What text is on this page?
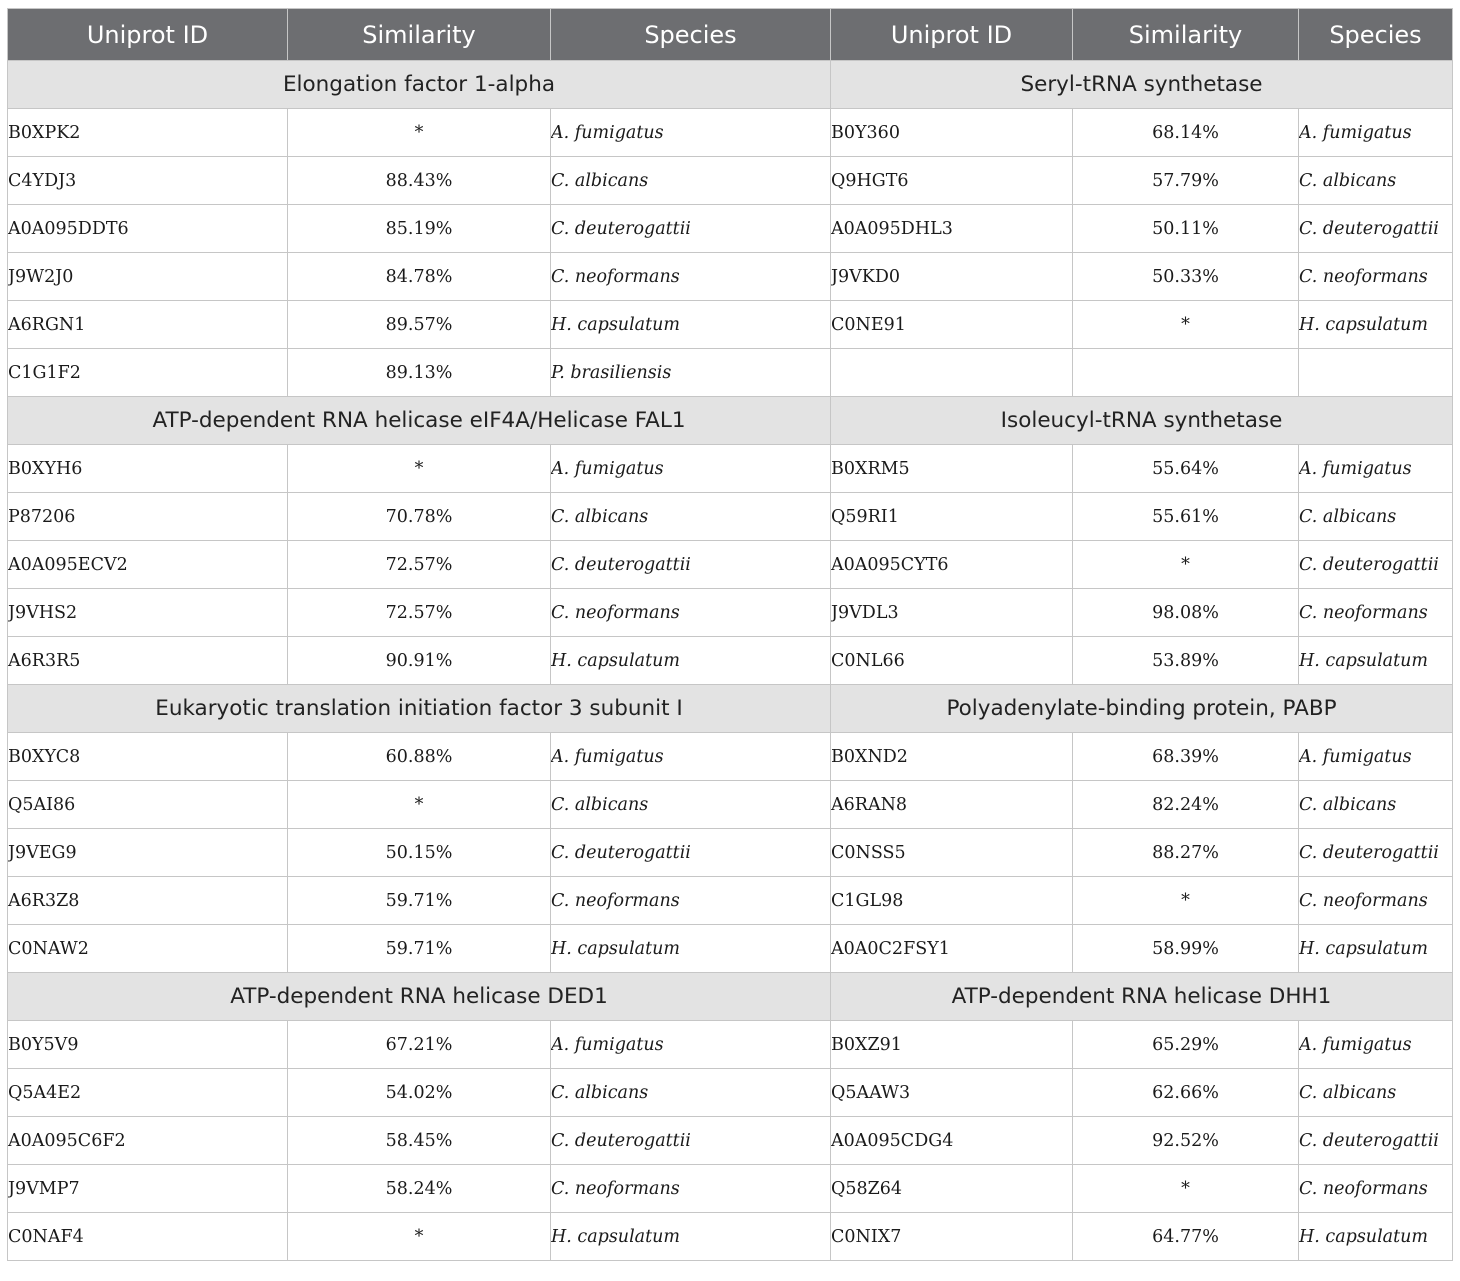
Uniprot ID	Similarity	Species	Uniprot ID	Similarity	Species
Elongation factor 1-alpha			Seryl-tRNA synthetase		
B0XPK2	*	A. fumigatus	B0Y360	68.14%	A. fumigatus
C4YDJ3	88.43%	C. albicans	Q9HGT6	57.79%	C. albicans
A0A095DDT6	85.19%	C. deuterogattii	A0A095DHL3	50.11%	C. deuterogattii
J9W2J0	84.78%	C. neoformans	J9VKD0	50.33%	C. neoformans
A6RGN1	89.57%	H. capsulatum	C0NE91	*	H. capsulatum
C1G1F2	89.13%	P. brasiliensis			
ATP-dependent RNA helicase eIF4A/Helicase FAL1			Isoleucyl-tRNA synthetase		
B0XYH6	*	A. fumigatus	B0XRM5	55.64%	A. fumigatus
P87206	70.78%	C. albicans	Q59RI1	55.61%	C. albicans
A0A095ECV2	72.57%	C. deuterogattii	A0A095CYT6	*	C. deuterogattii
J9VHS2	72.57%	C. neoformans	J9VDL3	98.08%	C. neoformans
A6R3R5	90.91%	H. capsulatum	C0NL66	53.89%	H. capsulatum
Eukaryotic translation initiation factor 3 subunit I			Polyadenylate-binding protein, PABP		
B0XYC8	60.88%	A. fumigatus	B0XND2	68.39%	A. fumigatus
Q5AI86	*	C. albicans	A6RAN8	82.24%	C. albicans
J9VEG9	50.15%	C. deuterogattii	C0NSS5	88.27%	C. deuterogattii
A6R3Z8	59.71%	C. neoformans	C1GL98	*	C. neoformans
C0NAW2	59.71%	H. capsulatum	A0A0C2FSY1	58.99%	H. capsulatum
ATP-dependent RNA helicase DED1			ATP-dependent RNA helicase DHH1		
B0Y5V9	67.21%	A. fumigatus	B0XZ91	65.29%	A. fumigatus
Q5A4E2	54.02%	C. albicans	Q5AAW3	62.66%	C. albicans
A0A095C6F2	58.45%	C. deuterogattii	A0A095CDG4	92.52%	C. deuterogattii
J9VMP7	58.24%	C. neoformans	Q58Z64	*	C. neoformans
C0NAF4	*	H. capsulatum	C0NIX7	64.77%	H. capsulatum
